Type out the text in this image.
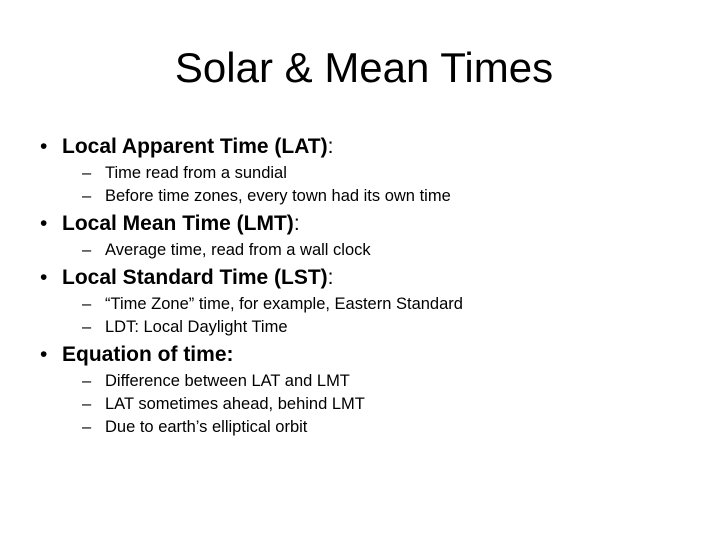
Solar & Mean Times
• Local Apparent Time (LAT):
– Time read from a sundial
– Before time zones, every town had its own time
• Local Mean Time (LMT):
– Average time, read from a wall clock
• Local Standard Time (LST):
– “Time Zone” time, for example, Eastern Standard
– LDT: Local Daylight Time
• Equation of time:
– Difference between LAT and LMT
– LAT sometimes ahead, behind LMT
– Due to earth’s elliptical orbit
